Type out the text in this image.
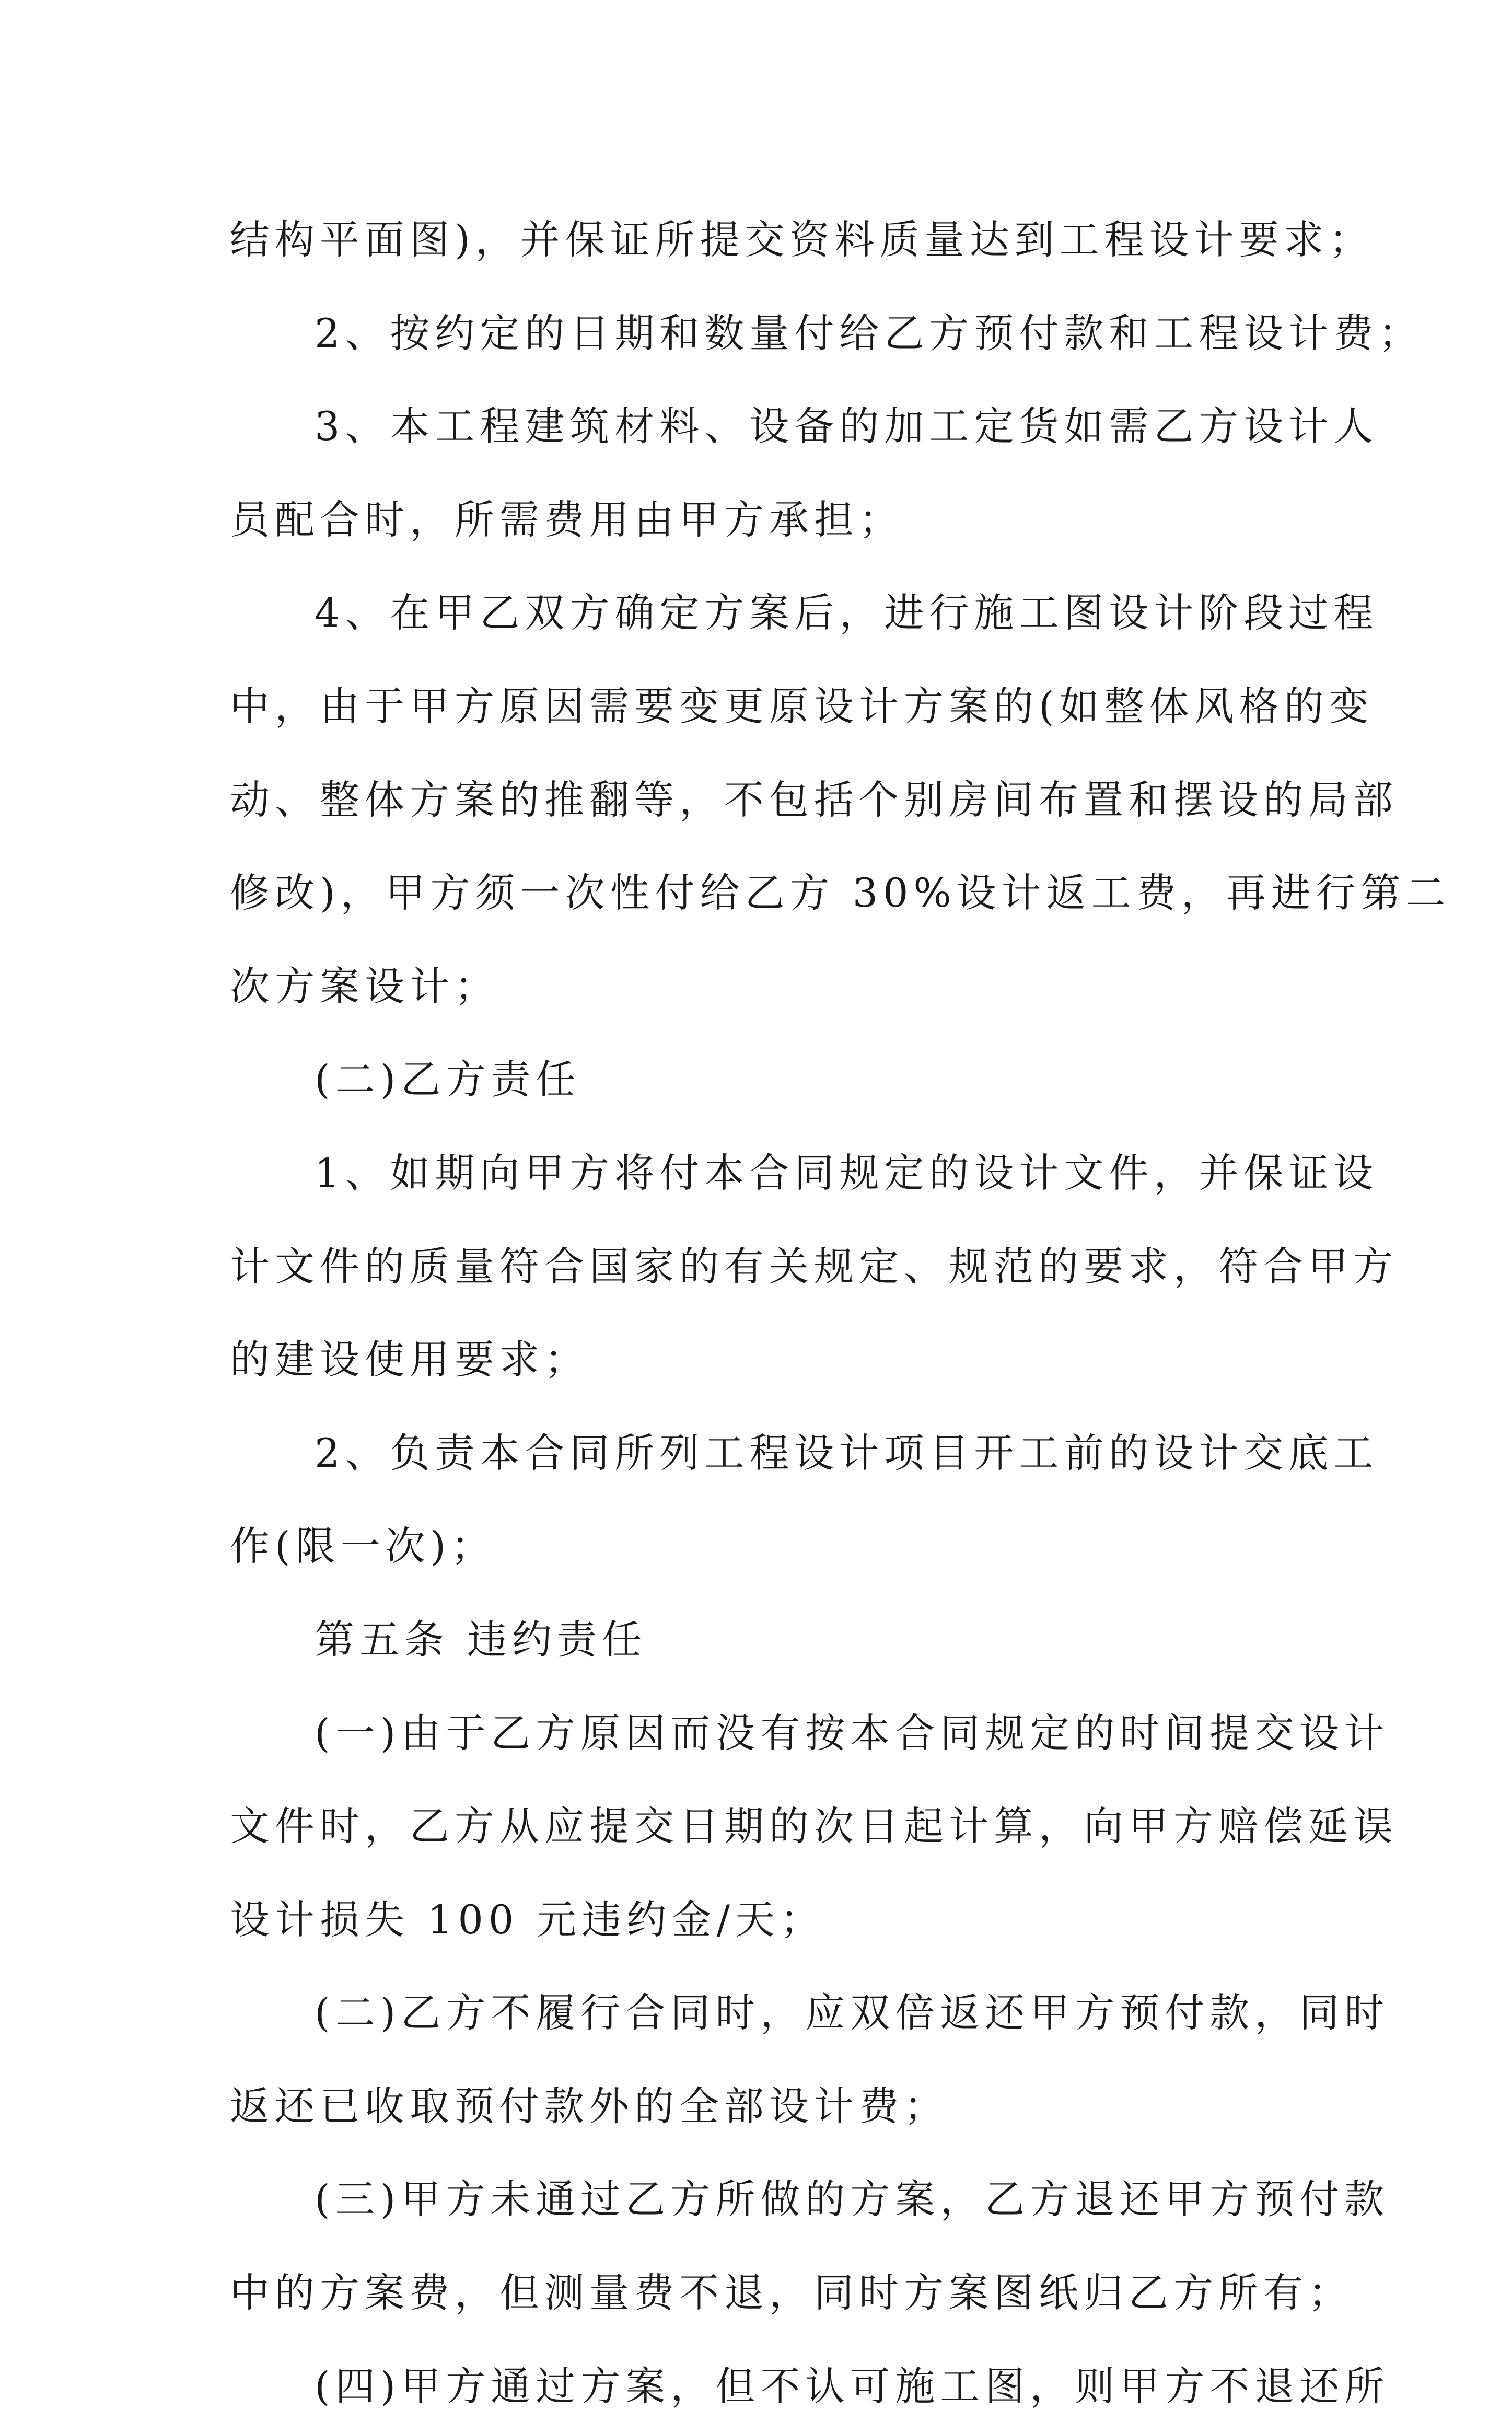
结构平面图)，并保证所提交资料质量达到工程设计要求；
2、按约定的日期和数量付给乙方预付款和工程设计费；
3、本工程建筑材料、设备的加工定货如需乙方设计人
员配合时，所需费用由甲方承担；
4、在甲乙双方确定方案后，进行施工图设计阶段过程
中，由于甲方原因需要变更原设计方案的(如整体风格的变
动、整体方案的推翻等，不包括个别房间布置和摆设的局部
修改)，甲方须一次性付给乙方 30%设计返工费，再进行第二
次方案设计；
(二)乙方责任
1、如期向甲方将付本合同规定的设计文件，并保证设
计文件的质量符合国家的有关规定、规范的要求，符合甲方
的建设使用要求；
2、负责本合同所列工程设计项目开工前的设计交底工
作(限一次)；
第五条 违约责任
(一)由于乙方原因而没有按本合同规定的时间提交设计
文件时，乙方从应提交日期的次日起计算，向甲方赔偿延误
设计损失 100 元违约金/天；
(二)乙方不履行合同时，应双倍返还甲方预付款，同时
返还已收取预付款外的全部设计费；
(三)甲方未通过乙方所做的方案，乙方退还甲方预付款
中的方案费，但测量费不退，同时方案图纸归乙方所有；
(四)甲方通过方案，但不认可施工图，则甲方不退还所
